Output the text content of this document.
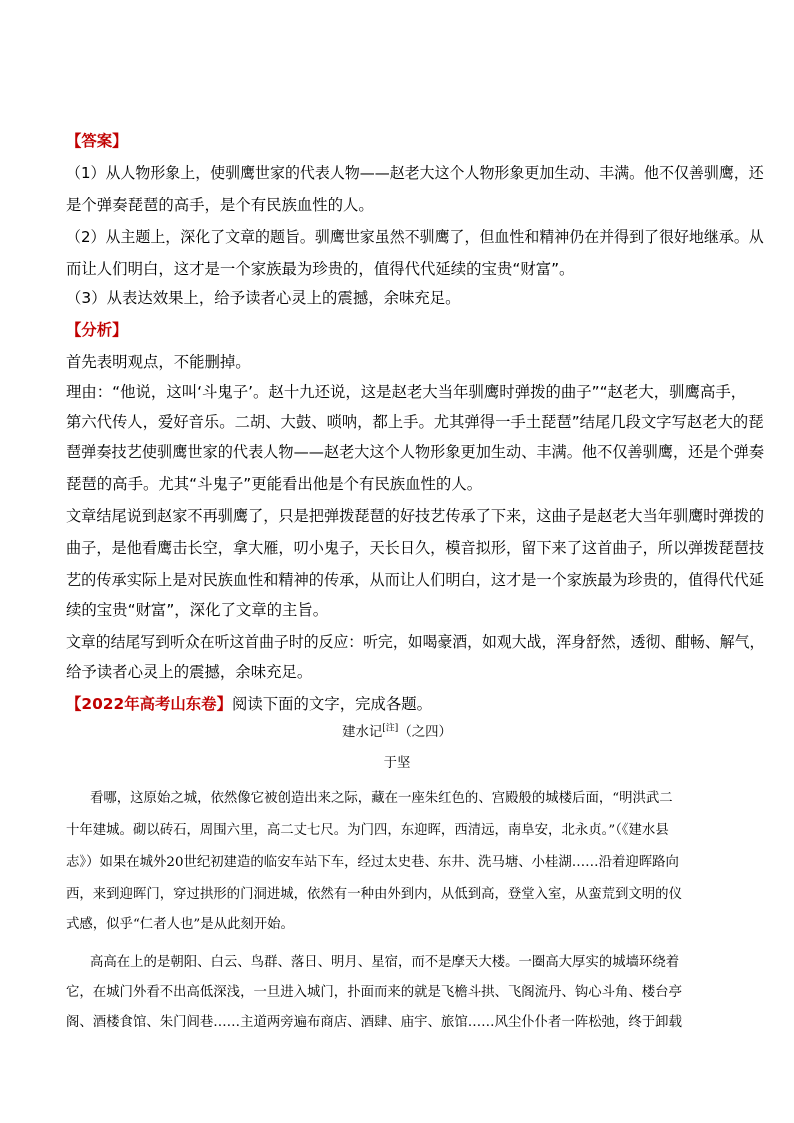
【答案】
（1）从人物形象上，使驯鹰世家的代表人物——赵老大这个人物形象更加生动、丰满。他不仅善驯鹰，还
是个弹奏琵琶的高手，是个有民族血性的人。
（2）从主题上，深化了文章的题旨。驯鹰世家虽然不驯鹰了，但血性和精神仍在并得到了很好地继承。从
而让人们明白，这才是一个家族最为珍贵的，值得代代延续的宝贵“财富”。
（3）从表达效果上，给予读者心灵上的震撼，余味充足。
【分析】
首先表明观点，不能删掉。
理由：“他说，这叫‘斗鬼子’。赵十九还说，这是赵老大当年驯鹰时弹拨的曲子”“赵老大，驯鹰高手，
第六代传人，爱好音乐。二胡、大鼓、唢呐，都上手。尤其弹得一手土琵琶”结尾几段文字写赵老大的琵
琶弹奏技艺使驯鹰世家的代表人物——赵老大这个人物形象更加生动、丰满。他不仅善驯鹰，还是个弹奏
琵琶的高手。尤其“斗鬼子”更能看出他是个有民族血性的人。
文章结尾说到赵家不再驯鹰了，只是把弹拨琵琶的好技艺传承了下来，这曲子是赵老大当年驯鹰时弹拨的
曲子，是他看鹰击长空，拿大雁，叨小鬼子，天长日久，模音拟形，留下来了这首曲子，所以弹拨琵琶技
艺的传承实际上是对民族血性和精神的传承，从而让人们明白，这才是一个家族最为珍贵的，值得代代延
续的宝贵“财富”，深化了文章的主旨。
文章的结尾写到听众在听这首曲子时的反应：听完，如喝豪酒，如观大战，浑身舒然，透彻、酣畅、解气，
给予读者心灵上的震撼，余味充足。
【2022年高考山东卷】阅读下面的文字，完成各题。
建水记[注]（之四）
于坚
看哪，这原始之城，依然像它被创造出来之际，藏在一座朱红色的、宫殿般的城楼后面，“明洪武二
十年建城。砌以砖石，周围六里，高二丈七尺。为门四，东迎晖，西清远，南阜安，北永贞。”（《建水县
志》）如果在城外20世纪初建造的临安车站下车，经过太史巷、东井、洗马塘、小桂湖……沿着迎晖路向
西，来到迎晖门，穿过拱形的门洞进城，依然有一种由外到内，从低到高，登堂入室，从蛮荒到文明的仪
式感，似乎“仁者人也”是从此刻开始。
高高在上的是朝阳、白云、鸟群、落日、明月、星宿，而不是摩天大楼。一圈高大厚实的城墙环绕着
它，在城门外看不出高低深浅，一旦进入城门，扑面而来的就是飞檐斗拱、飞阁流丹、钩心斗角、楼台亭
阁、酒楼食馆、朱门闾巷……主道两旁遍布商店、酒肆、庙宇、旅馆……风尘仆仆者一阵松弛，终于卸载
